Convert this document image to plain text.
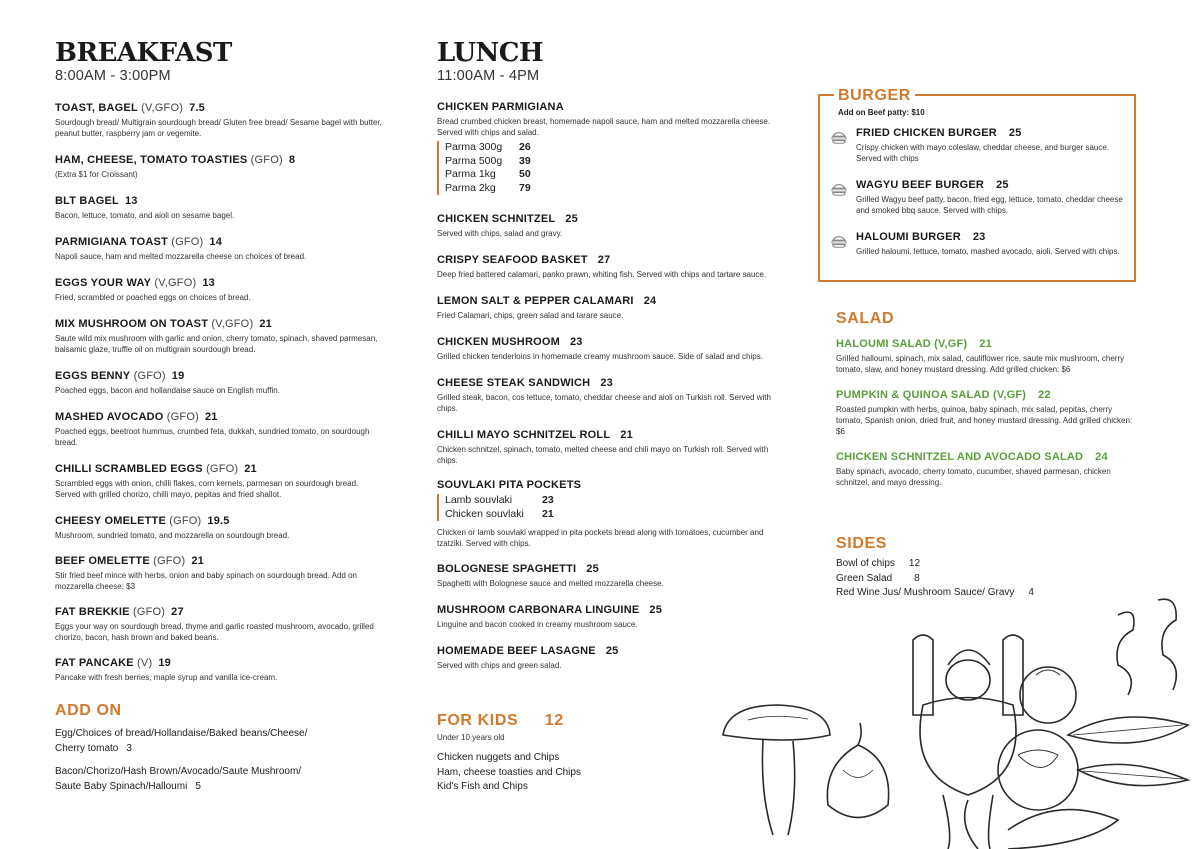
BREAKFAST
8:00AM - 3:00PM
TOAST, BAGEL (V,GFO) 7.5
Sourdough bread/ Multigrain sourdough bread/ Gluten free bread/ Sesame bagel with butter, peanut butter, raspberry jam or vegemite.
HAM, CHEESE, TOMATO TOASTIES (GFO) 8
(Extra $1 for Croissant)
BLT BAGEL 13
Bacon, lettuce, tomato, and aioli on sesame bagel.
PARMIGIANA TOAST (GFO) 14
Napoli sauce, ham and melted mozzarella cheese on choices of bread.
EGGS YOUR WAY (V,GFO) 13
Fried, scrambled or poached eggs on choices of bread.
MIX MUSHROOM ON TOAST (V,GFO) 21
Saute wild mix mushroom with garlic and onion, cherry tomato, spinach, shaved parmesan, balsamic glaze, truffle oil on multigrain sourdough bread.
EGGS BENNY (GFO) 19
Poached eggs, bacon and hollandaise sauce on English muffin.
MASHED AVOCADO (GFO) 21
Poached eggs, beetroot hummus, crumbed feta, dukkah, sundried tomato, on sourdough bread.
CHILLI SCRAMBLED EGGS (GFO) 21
Scrambled eggs with onion, chilli flakes, corn kernels, parmesan on sourdough bread. Served with grilled chorizo, chilli mayo, pepitas and fried shallot.
CHEESY OMELETTE (GFO) 19.5
Mushroom, sundried tomato, and mozzarella on sourdough bread.
BEEF OMELETTE (GFO) 21
Stir fried beef mince with herbs, onion and baby spinach on sourdough bread. Add on mozzarella cheese: $3
FAT BREKKIE (GFO) 27
Eggs your way on sourdough bread, thyme and garlic roasted mushroom, avocado, grilled chorizo, bacon, hash brown and baked beans.
FAT PANCAKE (V) 19
Pancake with fresh berries, maple syrup and vanilla ice-cream.
ADD ON
Egg/Choices of bread/Hollandaise/Baked beans/Cheese/
Cherry tomato 3
Bacon/Chorizo/Hash Brown/Avocado/Saute Mushroom/
Saute Baby Spinach/Halloumi 5
LUNCH
11:00AM - 4PM
CHICKEN PARMIGIANA
Bread crumbed chicken breast, homemade napoli sauce, ham and melted mozzarella cheese. Served with chips and salad.
Parma 300g	26
Parma 500g	39
Parma 1kg	50
Parma 2kg	79
CHICKEN SCHNITZEL 25
Served with chips, salad and gravy.
CRISPY SEAFOOD BASKET 27
Deep fried battered calamari, panko prawn, whiting fish. Served with chips and tartare sauce.
LEMON SALT & PEPPER CALAMARI 24
Fried Calamari, chips, green salad and tarare sauce.
CHICKEN MUSHROOM 23
Grilled chicken tenderloins in homemade creamy mushroom sauce. Side of salad and chips.
CHEESE STEAK SANDWICH 23
Grilled steak, bacon, cos lettuce, tomato, cheddar cheese and aioli on Turkish roll. Served with chips.
CHILLI MAYO SCHNITZEL ROLL 21
Chicken schnitzel, spinach, tomato, melted cheese and chili mayo on Turkish roll. Served with chips.
SOUVLAKI PITA POCKETS
Lamb souvlaki	23
Chicken souvlaki	21
Chicken or lamb souvlaki wrapped in pita pockets bread along with tomatoes, cucumber and tzatziki. Served with chips.
BOLOGNESE SPAGHETTI 25
Spaghetti with Bolognese sauce and melted mozzarella cheese.
MUSHROOM CARBONARA LINGUINE 25
Linguine and bacon cooked in creamy mushroom sauce.
HOMEMADE BEEF LASAGNE 25
Served with chips and green salad.
FOR KIDS 12
Under 10 years old
Chicken nuggets and Chips
Ham, cheese toasties and Chips
Kid's Fish and Chips
BURGER
Add on Beef patty: $10
FRIED CHICKEN BURGER 25
Crispy chicken with mayo coleslaw, cheddar cheese, and burger sauce. Served with chips
WAGYU BEEF BURGER 25
Grilled Wagyu beef patty, bacon, fried egg, lettuce, tomato, cheddar cheese and smoked bbq sauce. Served with chips.
HALOUMI BURGER 23
Grilled haloumi, lettuce, tomato, mashed avocado, aioli. Served with chips.
SALAD
HALOUMI SALAD (V,GF) 21
Grilled halloumi, spinach, mix salad, cauliflower rice, saute mix mushroom, cherry tomato, slaw, and honey mustard dressing. Add grilled chicken: $6
PUMPKIN & QUINOA SALAD (V,GF) 22
Roasted pumpkin with herbs, quinoa, baby spinach, mix salad, pepitas, cherry tomato, Spanish onion, dried fruit, and honey mustard dressing. Add grilled chicken: $6
CHICKEN SCHNITZEL AND AVOCADO SALAD 24
Baby spinach, avocado, cherry tomato, cucumber, shaved parmesan, chicken schnitzel, and mayo dressing.
SIDES
Bowl of chips 12
Green Salad 8
Red Wine Jus/ Mushroom Sauce/ Gravy 4
